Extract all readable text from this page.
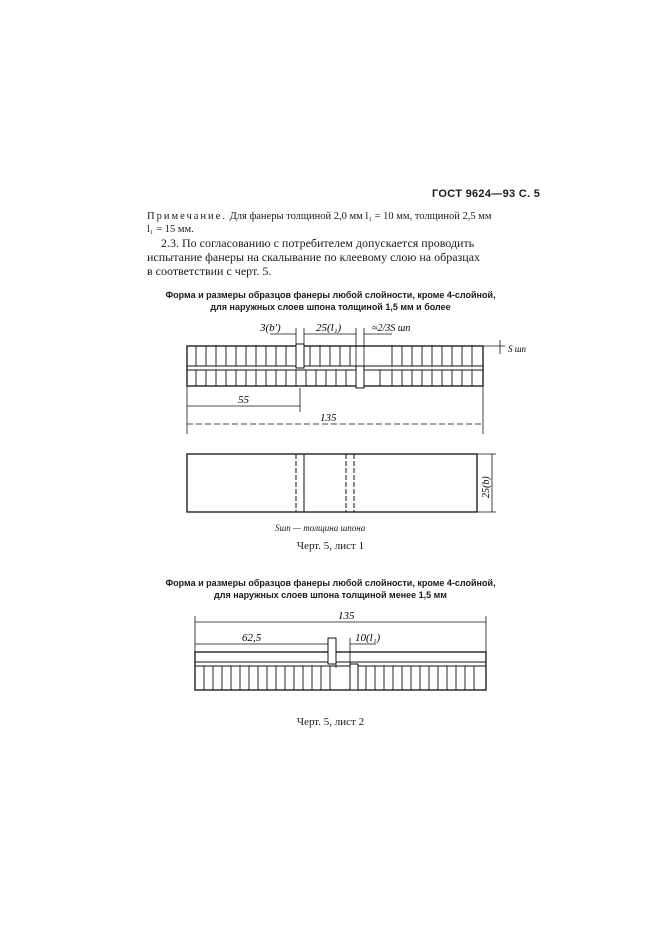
ГОСТ 9624—93 С. 5
Примечание. Для фанеры толщиной 2,0 мм l₁ = 10 мм, толщиной 2,5 мм
l₁ = 15 мм.
2.3. По согласованию с потребителем допускается проводить
испытание фанеры на скалывание по клеевому слою на образцах
в соответствии с черт. 5.
Форма и размеры образцов фанеры любой слойности, кроме 4-слойной,
для наружных слоев шпона толщиной 1,5 мм и более
3(b')	25(l₁)	≈2/3S шп
S шп
55
135
25(b)
Sшп — толщина шпона
Черт. 5, лист 1
Форма и размеры образцов фанеры любой слойности, кроме 4-слойной,
для наружных слоев шпона толщиной менее 1,5 мм
135
62,5	10(l₁)
Черт. 5, лист 2
